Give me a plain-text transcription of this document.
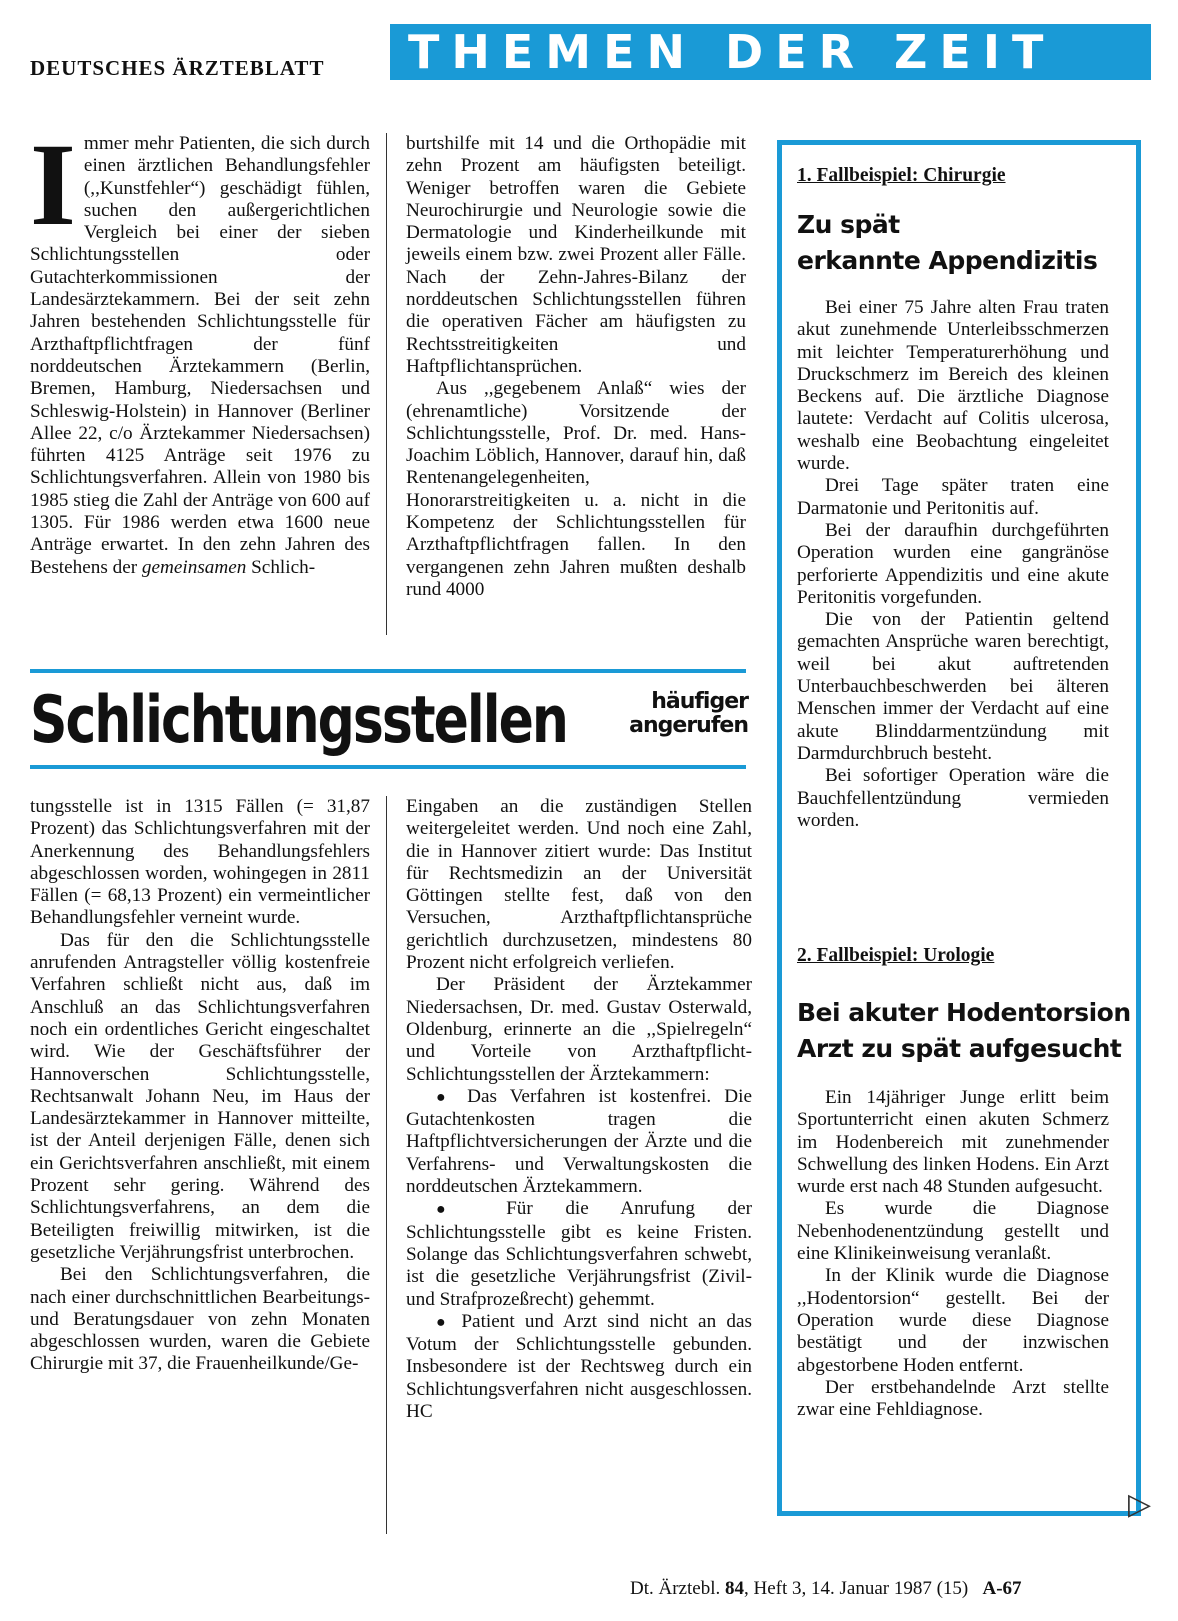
DEUTSCHES ÄRZTEBLATT	THEMEN DER ZEIT

Immer mehr Patienten, die sich durch einen ärztlichen Behandlungsfehler (,,Kunstfehler“) geschädigt fühlen, suchen den außergerichtlichen Vergleich bei einer der sieben Schlichtungsstellen oder Gutachterkommissionen der Landesärztekammern. Bei der seit zehn Jahren bestehenden Schlichtungsstelle für Arzthaftpflichtfragen der fünf norddeutschen Ärztekammern (Berlin, Bremen, Hamburg, Niedersachsen und Schleswig-Holstein) in Hannover (Berliner Allee 22, c/o Ärztekammer Niedersachsen) führten 4125 Anträge seit 1976 zu Schlichtungsverfahren. Allein von 1980 bis 1985 stieg die Zahl der Anträge von 600 auf 1305. Für 1986 werden etwa 1600 neue Anträge erwartet. In den zehn Jahren des Bestehens der gemeinsamen Schlich-

burtshilfe mit 14 und die Orthopädie mit zehn Prozent am häufigsten beteiligt. Weniger betroffen waren die Gebiete Neurochirurgie und Neurologie sowie die Dermatologie und Kinderheilkunde mit jeweils einem bzw. zwei Prozent aller Fälle. Nach der Zehn-Jahres-Bilanz der norddeutschen Schlichtungsstellen führen die operativen Fächer am häufigsten zu Rechtsstreitigkeiten und Haftpflichtansprüchen.

Aus ,,gegebenem Anlaß“ wies der (ehrenamtliche) Vorsitzende der Schlichtungsstelle, Prof. Dr. med. Hans-Joachim Löblich, Hannover, darauf hin, daß Rentenangelegenheiten, Honorarstreitigkeiten u. a. nicht in die Kompetenz der Schlichtungsstellen für Arzthaftpflichtfragen fallen. In den vergangenen zehn Jahren mußten deshalb rund 4000

Schlichtungsstellen	häufiger
angerufen

tungsstelle ist in 1315 Fällen (= 31,87 Prozent) das Schlichtungsverfahren mit der Anerkennung des Behandlungsfehlers abgeschlossen worden, wohingegen in 2811 Fällen (= 68,13 Prozent) ein vermeintlicher Behandlungsfehler verneint wurde.

Das für den die Schlichtungsstelle anrufenden Antragsteller völlig kostenfreie Verfahren schließt nicht aus, daß im Anschluß an das Schlichtungsverfahren noch ein ordentliches Gericht eingeschaltet wird. Wie der Geschäftsführer der Hannoverschen Schlichtungsstelle, Rechtsanwalt Johann Neu, im Haus der Landesärztekammer in Hannover mitteilte, ist der Anteil derjenigen Fälle, denen sich ein Gerichtsverfahren anschließt, mit einem Prozent sehr gering. Während des Schlichtungsverfahrens, an dem die Beteiligten freiwillig mitwirken, ist die gesetzliche Verjährungsfrist unterbrochen.

Bei den Schlichtungsverfahren, die nach einer durchschnittlichen Bearbeitungs- und Beratungsdauer von zehn Monaten abgeschlossen wurden, waren die Gebiete Chirurgie mit 37, die Frauenheilkunde/Ge-

Eingaben an die zuständigen Stellen weitergeleitet werden. Und noch eine Zahl, die in Hannover zitiert wurde: Das Institut für Rechtsmedizin an der Universität Göttingen stellte fest, daß von den Versuchen, Arzthaftpflichtansprüche gerichtlich durchzusetzen, mindestens 80 Prozent nicht erfolgreich verliefen.

Der Präsident der Ärztekammer Niedersachsen, Dr. med. Gustav Osterwald, Oldenburg, erinnerte an die ,,Spielregeln“ und Vorteile von Arzthaftpflicht-Schlichtungsstellen der Ärztekammern:

● Das Verfahren ist kostenfrei. Die Gutachtenkosten tragen die Haftpflichtversicherungen der Ärzte und die Verfahrens- und Verwaltungskosten die norddeutschen Ärztekammern.

● Für die Anrufung der Schlichtungsstelle gibt es keine Fristen. Solange das Schlichtungsverfahren schwebt, ist die gesetzliche Verjährungsfrist (Zivil- und Strafprozeßrecht) gehemmt.

● Patient und Arzt sind nicht an das Votum der Schlichtungsstelle gebunden. Insbesondere ist der Rechtsweg durch ein Schlichtungsverfahren nicht ausgeschlossen. HC

1. Fallbeispiel: Chirurgie
Zu spät
erkannte Appendizitis

Bei einer 75 Jahre alten Frau traten akut zunehmende Unterleibsschmerzen mit leichter Temperaturerhöhung und Druckschmerz im Bereich des kleinen Beckens auf. Die ärztliche Diagnose lautete: Verdacht auf Colitis ulcerosa, weshalb eine Beobachtung eingeleitet wurde.

Drei Tage später traten eine Darmatonie und Peritonitis auf.

Bei der daraufhin durchgeführten Operation wurden eine gangränöse perforierte Appendizitis und eine akute Peritonitis vorgefunden.

Die von der Patientin geltend gemachten Ansprüche waren berechtigt, weil bei akut auftretenden Unterbauchbeschwerden bei älteren Menschen immer der Verdacht auf eine akute Blinddarmentzündung mit Darmdurchbruch besteht.

Bei sofortiger Operation wäre die Bauchfellentzündung vermieden worden.

2. Fallbeispiel: Urologie
Bei akuter Hodentorsion
Arzt zu spät aufgesucht

Ein 14jähriger Junge erlitt beim Sportunterricht einen akuten Schmerz im Hodenbereich mit zunehmender Schwellung des linken Hodens. Ein Arzt wurde erst nach 48 Stunden aufgesucht.

Es wurde die Diagnose Nebenhodenentzündung gestellt und eine Klinikeinweisung veranlaßt.

In der Klinik wurde die Diagnose ,,Hodentorsion“ gestellt. Bei der Operation wurde diese Diagnose bestätigt und der inzwischen abgestorbene Hoden entfernt.

Der erstbehandelnde Arzt stellte zwar eine Fehldiagnose.

▷
Dt. Ärztebl. 84, Heft 3, 14. Januar 1987 (15) A-67
